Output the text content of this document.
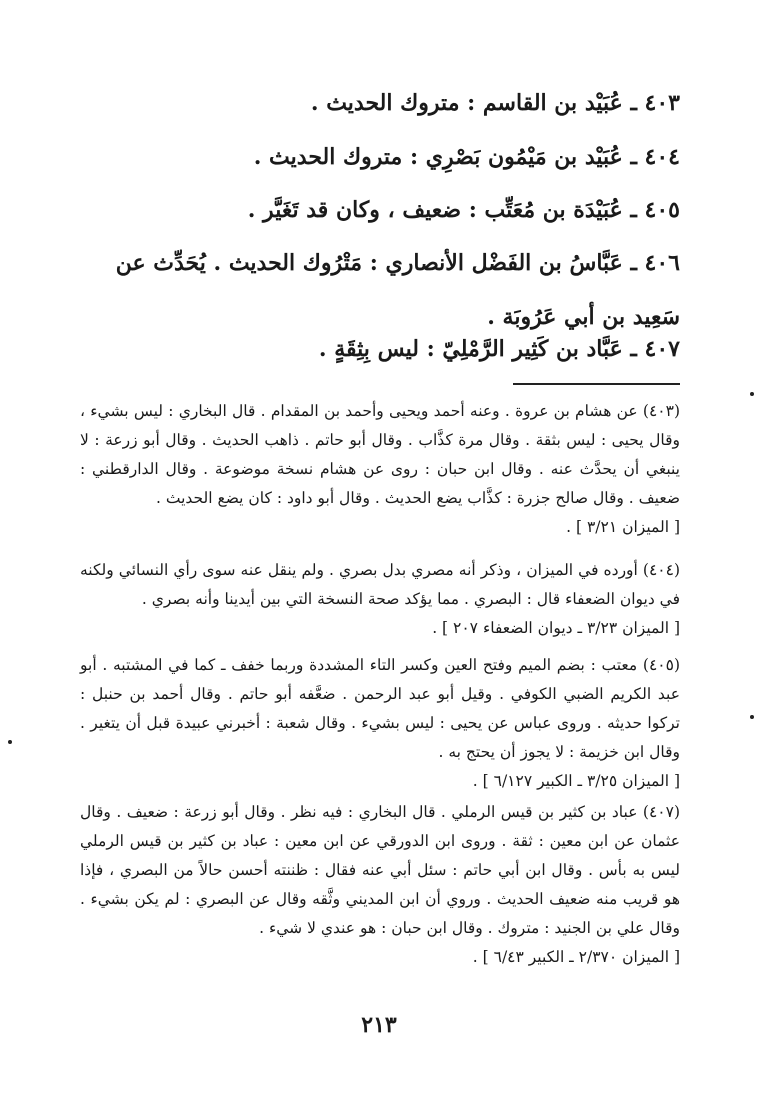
٤٠٣ ـ عُبَيْد بن القاسم : متروك الحديث .
٤٠٤ ـ عُبَيْد بن مَيْمُون بَصْرِي : متروك الحديث .
٤٠٥ ـ عُبَيْدَة بن مُعَتِّب : ضعيف ، وكان قد تَغَيَّر .
٤٠٦ ـ عَبَّاسُ بن الفَضْل الأنصاري : مَتْرُوك الحديث . يُحَدِّث عن سَعِيد بن أبي عَرُوبَة .
٤٠٧ ـ عَبَّاد بن كَثِير الرَّمْلِيّ : ليس بِثِقَةٍ .
(٤٠٣) عن هشام بن عروة . وعنه أحمد ويحيى وأحمد بن المقدام . قال البخاري : ليس بشيء ، وقال يحيى : ليس بثقة . وقال مرة كذَّاب . وقال أبو حاتم . ذاهب الحديث . وقال أبو زرعة : لا ينبغي أن يحدَّث عنه . وقال ابن حبان : روى عن هشام نسخة موضوعة . وقال الدارقطني : ضعيف . وقال صالح جزرة : كذَّاب يضع الحديث . وقال أبو داود : كان يضع الحديث .
[ الميزان ٣/٢١ ] .
(٤٠٤) أورده في الميزان ، وذكر أنه مصري بدل بصري . ولم ينقل عنه سوى رأي النسائي ولكنه في ديوان الضعفاء قال : البصري . مما يؤكد صحة النسخة التي بين أيدينا وأنه بصري .
[ الميزان ٣/٢٣ ـ ديوان الضعفاء ٢٠٧ ] .
(٤٠٥) معتب : بضم الميم وفتح العين وكسر التاء المشددة وربما خفف ـ كما في المشتبه . أبو عبد الكريم الضبي الكوفي . وقيل أبو عبد الرحمن . ضعَّفه أبو حاتم . وقال أحمد بن حنبل : تركوا حديثه . وروى عباس عن يحيى : ليس بشيء . وقال شعبة : أخبرني عبيدة قبل أن يتغير . وقال ابن خزيمة : لا يجوز أن يحتج به .
[ الميزان ٣/٢٥ ـ الكبير ٦/١٢٧ ] .
(٤٠٧) عباد بن كثير بن قيس الرملي . قال البخاري : فيه نظر . وقال أبو زرعة : ضعيف . وقال عثمان عن ابن معين : ثقة . وروى ابن الدورقي عن ابن معين : عباد بن كثير بن قيس الرملي ليس به بأس . وقال ابن أبي حاتم : سئل أبي عنه فقال : ظننته أحسن حالاً من البصري ، فإذا هو قريب منه ضعيف الحديث . وروي أن ابن المديني وثَّقه وقال عن البصري : لم يكن بشيء . وقال علي بن الجنيد : متروك . وقال ابن حبان : هو عندي لا شيء .
[ الميزان ٢/٣٧٠ ـ الكبير ٦/٤٣ ] .
٢١٣
